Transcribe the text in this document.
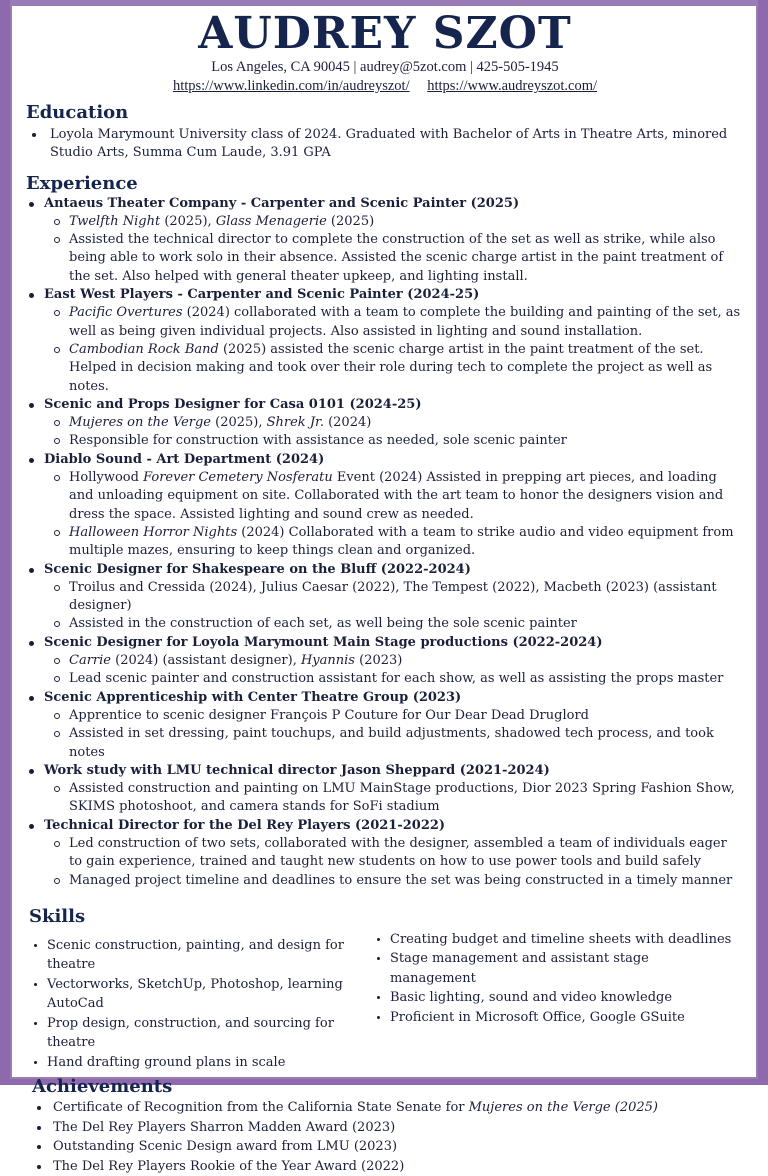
AUDREY SZOT
Los Angeles, CA 90045 | audrey@5zot.com | 425-505-1945
https://www.linkedin.com/in/audreyszot/ https://www.audreyszot.com/
Education
Loyola Marymount University class of 2024. Graduated with Bachelor of Arts in Theatre Arts, minored Studio Arts, Summa Cum Laude, 3.91 GPA
Experience
Antaeus Theater Company - Carpenter and Scenic Painter (2025)
Twelfth Night (2025), Glass Menagerie (2025)
Assisted the technical director to complete the construction of the set as well as strike, while also being able to work solo in their absence. Assisted the scenic charge artist in the paint treatment of the set. Also helped with general theater upkeep, and lighting install.
East West Players - Carpenter and Scenic Painter (2024-25)
Pacific Overtures (2024) collaborated with a team to complete the building and painting of the set, as well as being given individual projects. Also assisted in lighting and sound installation.
Cambodian Rock Band (2025) assisted the scenic charge artist in the paint treatment of the set. Helped in decision making and took over their role during tech to complete the project as well as notes.
Scenic and Props Designer for Casa 0101 (2024-25)
Mujeres on the Verge (2025), Shrek Jr. (2024)
Responsible for construction with assistance as needed, sole scenic painter
Diablo Sound - Art Department (2024)
Hollywood Forever Cemetery Nosferatu Event (2024) Assisted in prepping art pieces, and loading and unloading equipment on site. Collaborated with the art team to honor the designers vision and dress the space. Assisted lighting and sound crew as needed.
Halloween Horror Nights (2024) Collaborated with a team to strike audio and video equipment from multiple mazes, ensuring to keep things clean and organized.
Scenic Designer for Shakespeare on the Bluff (2022-2024)
Troilus and Cressida (2024), Julius Caesar (2022), The Tempest (2022), Macbeth (2023) (assistant designer)
Assisted in the construction of each set, as well being the sole scenic painter
Scenic Designer for Loyola Marymount Main Stage productions (2022-2024)
Carrie (2024) (assistant designer), Hyannis (2023)
Lead scenic painter and construction assistant for each show, as well as assisting the props master
Scenic Apprenticeship with Center Theatre Group (2023)
Apprentice to scenic designer François P Couture for Our Dear Dead Druglord
Assisted in set dressing, paint touchups, and build adjustments, shadowed tech process, and took notes
Work study with LMU technical director Jason Sheppard (2021-2024)
Assisted construction and painting on LMU MainStage productions, Dior 2023 Spring Fashion Show, SKIMS photoshoot, and camera stands for SoFi stadium
Technical Director for the Del Rey Players (2021-2022)
Led construction of two sets, collaborated with the designer, assembled a team of individuals eager to gain experience, trained and taught new students on how to use power tools and build safely
Managed project timeline and deadlines to ensure the set was being constructed in a timely manner
Skills
Scenic construction, painting, and design for theatre
Vectorworks, SketchUp, Photoshop, learning AutoCad
Prop design, construction, and sourcing for theatre
Hand drafting ground plans in scale
Creating budget and timeline sheets with deadlines
Stage management and assistant stage management
Basic lighting, sound and video knowledge
Proficient in Microsoft Office, Google GSuite
Achievements
Certificate of Recognition from the California State Senate for Mujeres on the Verge (2025)
The Del Rey Players Sharron Madden Award (2023)
Outstanding Scenic Design award from LMU (2023)
The Del Rey Players Rookie of the Year Award (2022)
